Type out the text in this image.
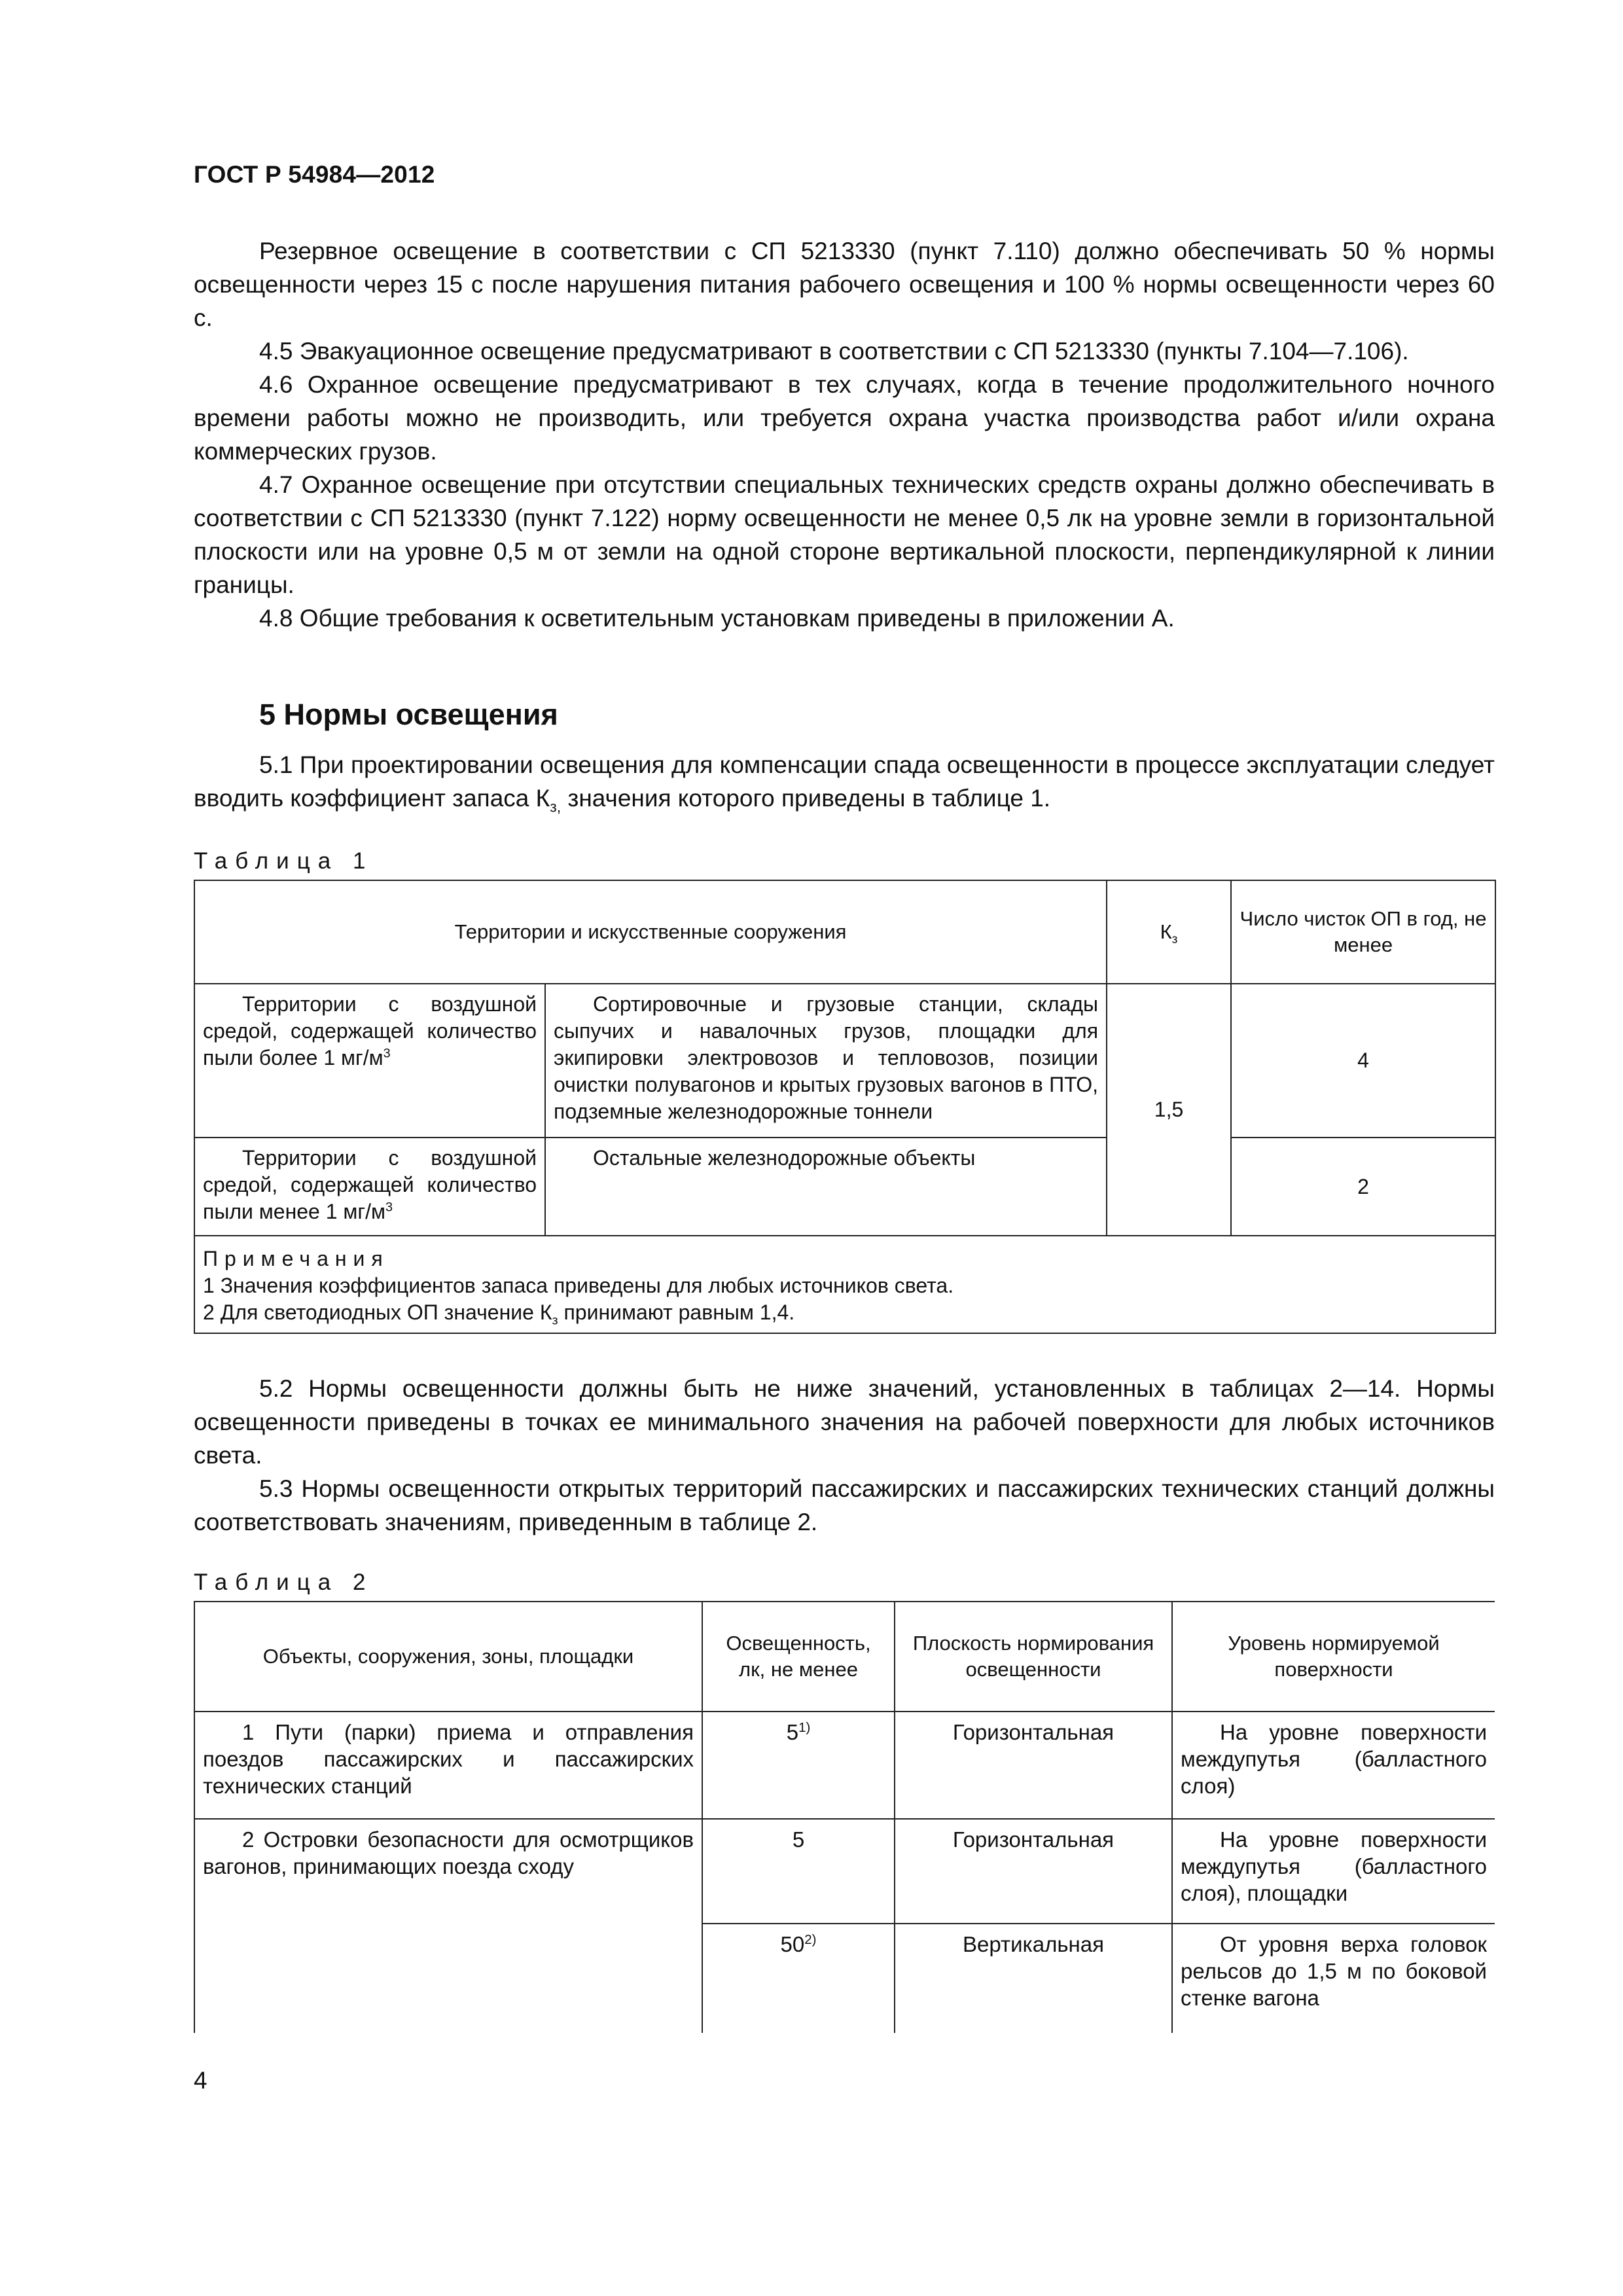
ГОСТ Р 54984—2012

Резервное освещение в соответствии с СП 5213330 (пункт 7.110) должно обеспечивать 50 % нормы освещенности через 15 с после нарушения питания рабочего освещения и 100 % нормы освещенности через 60 с.

4.5 Эвакуационное освещение предусматривают в соответствии с СП 5213330 (пункты 7.104—7.106).

4.6 Охранное освещение предусматривают в тех случаях, когда в течение продолжительного ночного времени работы можно не производить, или требуется охрана участка производства работ и/или охрана коммерческих грузов.

4.7 Охранное освещение при отсутствии специальных технических средств охраны должно обеспечивать в соответствии с СП 5213330 (пункт 7.122) норму освещенности не менее 0,5 лк на уровне земли в горизонтальной плоскости или на уровне 0,5 м от земли на одной стороне вертикальной плоскости, перпендикулярной к линии границы.

4.8 Общие требования к осветительным установкам приведены в приложении А.

5 Нормы освещения

5.1 При проектировании освещения для компенсации спада освещенности в процессе эксплуатации следует вводить коэффициент запаса $К_{з,}$ значения которого приведены в таблице 1.

Таблица 1
Территории и искусственные сооружения		$К_з$	Число чисток ОП в год, не менее
Территории с воздушной средой, содержащей количество пыли более 1 $мг/м^3$	Сортировочные и грузовые станции, склады сыпучих и навалочных грузов, площадки для экипировки электровозов и тепловозов, позиции очистки полувагонов и крытых грузовых вагонов в ПТО, подземные железнодорожные тоннели	1,5	4
Территории с воздушной средой, содержащей количество пыли менее 1 $мг/м^3$	Остальные железнодорожные объекты		2

Примечания
1 Значения коэффициентов запаса приведены для любых источников света.
2 Для светодиодных ОП значение $К_з$ принимают равным 1,4.			

5.2 Нормы освещенности должны быть не ниже значений, установленных в таблицах 2—14. Нормы освещенности приведены в точках ее минимального значения на рабочей поверхности для любых источников света.

5.3 Нормы освещенности открытых территорий пассажирских и пассажирских технических станций должны соответствовать значениям, приведенным в таблице 2.

Таблица 2
Объекты, сооружения, зоны, площадки	Освещенность, лк, не менее	Плоскость нормирования освещенности	Уровень нормируемой поверхности
1 Пути (парки) приема и отправления поездов пассажирских и пассажирских технических станций	5$^{1)}$	Горизонтальная	На уровне поверхности междупутья (балластного слоя)
2 Островки безопасности для осмотрщиков вагонов, принимающих поезда сходу	5	Горизонтальная	На уровне поверхности междупутья (балластного слоя), площадки
	50$^{2)}$	Вертикальная	От уровня верха головок рельсов до 1,5 м по боковой стенке вагона
4
